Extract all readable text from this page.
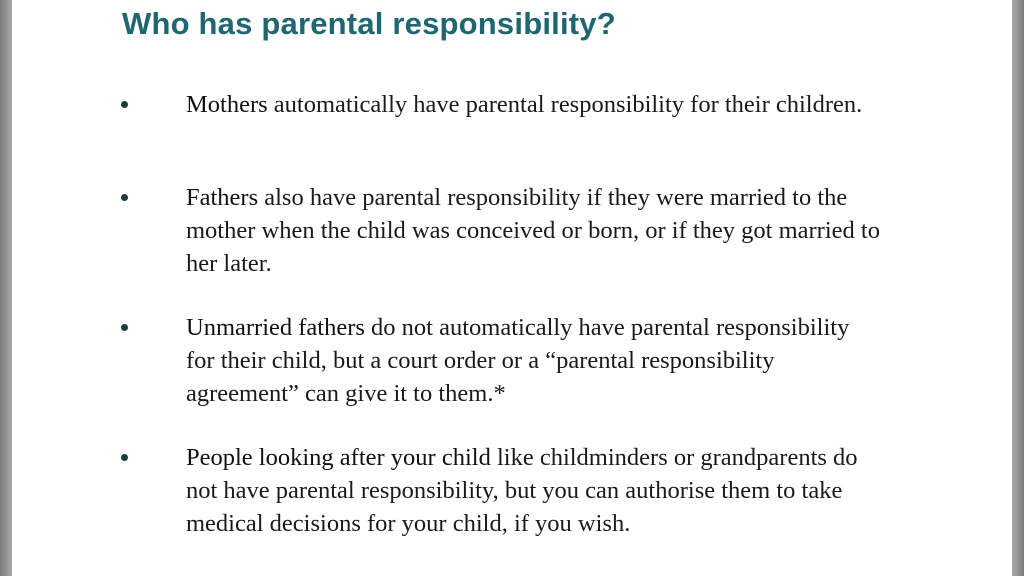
Who has parental responsibility?

Mothers automatically have parental responsibility for their children.

Fathers also have parental responsibility if they were married to the mother when the child was conceived or born, or if they got married to her later.

Unmarried fathers do not automatically have parental responsibility for their child, but a court order or a “parental responsibility agreement” can give it to them.*

People looking after your child like childminders or grandparents do not have parental responsibility, but you can authorise them to take medical decisions for your child, if you wish.
